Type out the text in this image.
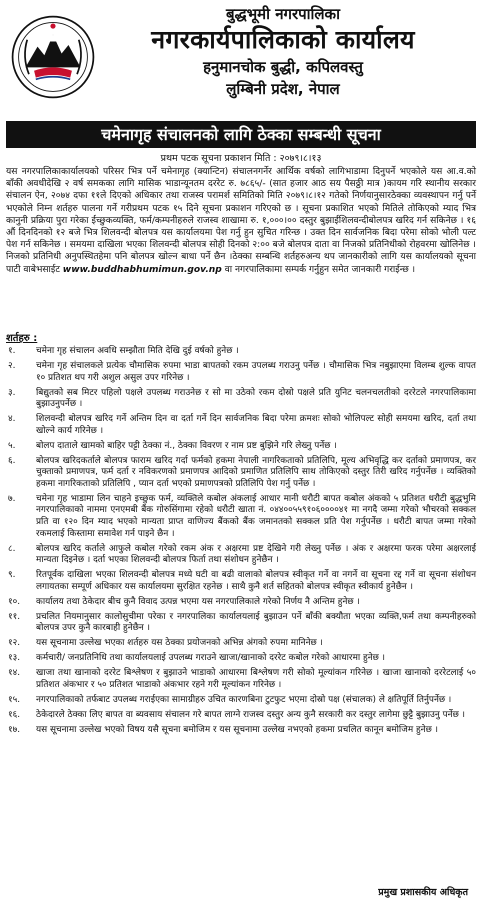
बुद्धभूमी नगरपालिका
नगरकार्यपालिकाको कार्यालय
हनुमानचोक बुद्धी, कपिलवस्तु
लुम्बिनी प्रदेश, नेपाल
चमेनागृह संचालनको लागि ठेक्का सम्बन्धी सूचना
प्रथम पटक सूचना प्रकाशन मिति : २०७९।८।१३

यस नगरपालिकाकार्यालयको परिसर भित्र पर्ने चमेनागृह (क्यान्टिन) संचालनगर्नेर आर्थिक वर्षको लागिभाडामा दिनुपर्ने भएकोले यस आ.व.को बाँकी अवधीदेखि २ वर्ष समकका लागि मासिक भाडान्यूनतम दररेट रु. ७८६५/- (सात हजार आठ सय पैसठ्ठी मात्र )कायम गरि स्थानीय सरकार संचालन ऐन, २०७४ दफा ११ले दिएको अधिकार तथा राजस्व परामर्श समितिको मिति २०७९।८।१२ गतेको निर्णयानुसारठेक्का व्यवस्थापन गर्नु पर्ने भएकोले निम्न शर्तहरु पालना गर्ने गरीप्रथम पटक १५ दिने सूचना प्रकाशन गरिएको छ । सूचना प्रकाशित भएको मितिले तोकिएको म्याद भित्र कानुनी प्रक्रिया पुरा गरेका ईच्छुकव्यक्ति, फर्म/कम्पनीहरुले राजस्व शाखामा रु. १,०००।०० दस्तुर बुझाईशिलवन्दीबोलपत्र खरिद गर्न सकिनेछ । १६ औं दिनदिनको १२ बजे भित्र शिलवन्दी बोलपत्र यस कार्यालयमा पेश गर्नु हुन सुचित गरिन्छ । उक्त दिन सार्वजनिक बिदा परेमा सोको भोली पल्ट पेश गर्न सकिनेछ । समयमा दाखिला भएका शिलवन्दी बोलपत्र सोही दिनको २:०० बजे बोलपत्र दाता वा निजको प्रतिनिधीको रोहवरमा खोलिनेछ । निजको प्रतिनिधी अनुपस्थितहेमा पनि बोलपत्र खोल्न बाधा पर्ने छैन ।ठेक्का सम्बन्धि शर्तहरुअन्य थप जानकारीको लागि यस कार्यालयको सूचना पाटी वाबेभसाईट www.buddhabhumimun.gov.np वा नगरपालिकामा सम्पर्क गर्नुहुन समेत जानकारी गराईन्छ ।

शर्तहरु :
१.	चमेना गृह संचालन अवधि सम्झौता मिति देखि दुई वर्षको हुनेछ ।
२.	चमेना गृह संचालकले प्रत्येक चौमासिक रुपमा भाडा बापतको रकम उपलब्ध गराउनु पर्नेछ । चौमासिक भित्र नबुझाएमा विलम्ब शुल्क वापत १० प्रतिशत थप गरी अशुल असुल उपर गरिनेछ ।
३.	बिद्युतको सब मिटर पहिलो पक्षले उपलब्ध गराउनेछ र सो मा उठेको रकम दोस्रो पक्षले प्रति युनिट चलनचलतीको दररेटले नगरपालिकामा बुझाउनुपर्नेछ ।
४.	शिलवन्दी बोलपत्र खरिद गर्ने अन्तिम दिन वा दर्ता गर्ने दिन सार्वजनिक बिदा परेमा क्रमशः सोको भोलिपल्ट सोही समयमा खरिद, दर्ता तथा खोल्ने कार्य गरिनेछ ।
५.	बोलप दाताले खामको बाहिर पट्टी ठेक्का नं., ठेक्का विवरण र नाम प्रष्ट बुझिने गरि लेख्नु पर्नेछ ।
६.	बोलपत्र खरिदकर्ताले बोलपत्र फाराम खरिद गर्दा फर्मको हकमा नेपाली नागरिकताको प्रतिलिपि, मूल्य अभिवृद्धि कर दर्ताको प्रमाणपत्र, कर चुक्ताको प्रमाणपत्र, फर्म दर्ता र नविकरणको प्रमाणपत्र आदिको प्रमाणित प्रतिलिपि साथ तोकिएको दस्तुर तिरी खरिद गर्नुपर्नेछ । व्यक्तिको हकमा नागरिकताको प्रतिलिपि , प्यान दर्ता भएको प्रमाणपत्रको प्रतिलिपि पेश गर्नु पर्नेछ ।
७.	चमेना गृह भाडामा लिन चाहने इच्छुक फर्म, व्यक्तिले कबोल अंकलाई आधार मानी धरौटी बापत कबोल अंकको ५ प्रतिशत धरौटी बुद्धभुमि नगरपालिकाको नाममा एनएमबी बैंक गोरुसिंगामा रहेको धरौटी खाता नं. ०४४००५५९१०६००००४१ मा नगदै जम्मा गरेको भौचरको सक्कल प्रति वा १२० दिन म्याद भएको मान्यता प्राप्त वाणिज्य बैंकको बैंक जमानतको सक्कल प्रति पेश गर्नुपर्नेछ । धरौटी बापत जम्मा गरेको रकमलाई किस्तामा समावेश गर्न पाइने छैन ।
८.	बोलपत्र खरिद कर्ताले आफुले कबोल गरेको रकम अंक र अक्षरमा प्रष्ट देखिने गरी लेख्नु पर्नेछ । अंक र अक्षरमा फरक परेमा अक्षरलाई मान्यता दिइनेछ । दर्ता भएका शिलवन्दी बोलपत्र फिर्ता तथा संशोधन हुनेछैन ।
९.	रितपूर्वक दाखिला भएका शिलवन्दी बोलपत्र मध्ये घटी वा बढी वालाको बोलपत्र स्वीकृत गर्ने वा नगर्ने वा सूचना रद्द गर्ने वा सूचना संशोधन लगायतका सम्पूर्ण अधिकार यस कार्यालयमा सुरक्षित रहनेछ । साथै कुनै शर्त सहितको बोलपत्र स्वीकृत स्वीकार्य हुनेछैन ।
१०.	कार्यालय तथा ठेकेदार बीच कुनै विवाद उत्पन्न भएमा यस नगरपालिकाले गरेको निर्णय नै अन्तिम हुनेछ ।
११.	प्रचलित नियमानुसार कालोसुचीमा परेका र नगरपालिका कार्यालयलाई बुझाउन पर्ने बाँकी बक्यौता भएका व्यक्ति,फर्म तथा कम्पनीहरुको बोलपत्र उपर कुनै कारबाही हुनेछैन ।
१२.	यस सूचनामा उल्लेख भएका शर्तहरु यस ठेक्का प्रयोजनको अभिन्न अंगको रुपमा मानिनेछ ।
१३.	कर्मचारी/ जनप्रतिनिधि तथा कार्यालयलाई उपलब्ध गराउने खाजा/खानाको दररेट कबोल गरेको आधारमा हुनेछ ।
१४.	खाजा तथा खानाको दररेट बिश्लेषण र बुझाउने भाडाको आधारमा बिश्लेषण गरी सोको मूल्यांकन गरिनेछ । खाजा खानाको दररेटलाई ५० प्रतिशत अंकभार र ५० प्रतिशत भाडाको अंकभार रहने गरी मूल्यांकन गरिनेछ ।
१५.	नगरपालिकाको तर्फबाट उपलब्ध गराईएका सामाग्रीहरु उचित कारणबिना टुटफुट भएमा दोस्रो पक्ष (संचालक) ले क्षतिपूर्ति तिर्नुपर्नेछ ।
१६.	ठेकेदारले ठेक्का लिए बापत वा ब्यवसाय संचालन गरे बापत लाग्ने राजस्व दस्तुर अन्य कुनै सरकारी कर दस्तुर लागेमा छुट्टै बुझाउनु पर्नेछ ।
१७.	यस सूचनामा उल्लेख भएको विषय यसै सूचना बमोजिम र यस सूचनामा उल्लेख नभएको हकमा प्रचलित कानून बमोजिम हुनेछ ।
प्रमुख प्रशासकीय अधिकृत
